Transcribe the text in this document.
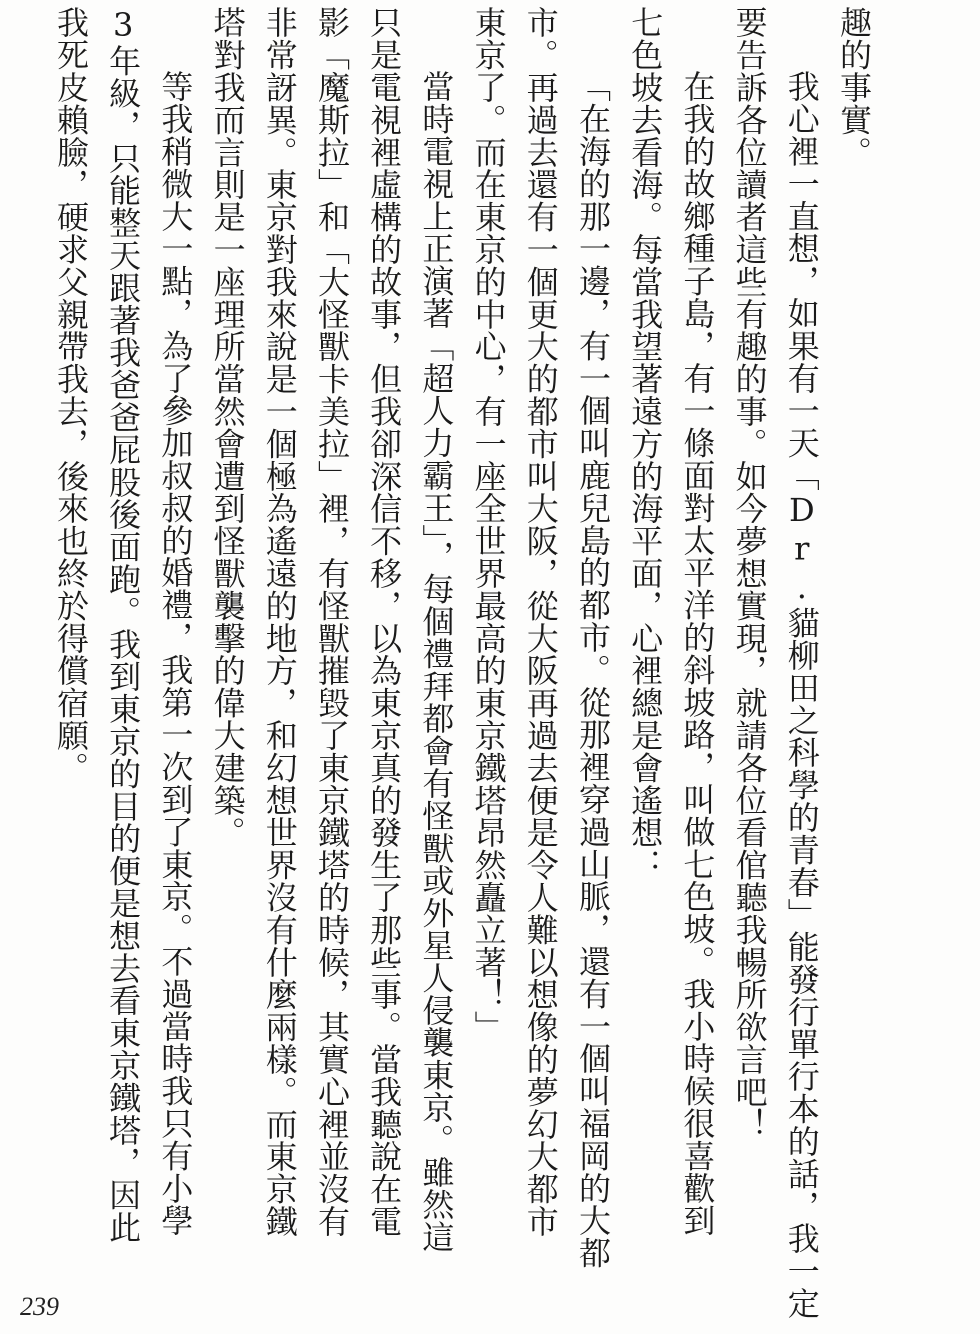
趣的事實。

我心裡一直想，如果有一天「Dr.貓柳田之科學的青春」能發行單行本的話，我一定

要告訴各位讀者這些有趣的事。如今夢想實現，就請各位看倌聽我暢所欲言吧！

在我的故鄉種子島，有一條面對太平洋的斜坡路，叫做七色坡。我小時候很喜歡到

七色坡去看海。每當我望著遠方的海平面，心裡總是會遙想：

「在海的那一邊，有一個叫鹿兒島的都市。從那裡穿過山脈，還有一個叫福岡的大都

市。再過去還有一個更大的都市叫大阪，從大阪再過去便是令人難以想像的夢幻大都市

東京了。而在東京的中心，有一座全世界最高的東京鐵塔昂然矗立著！」

當時電視上正演著「超人力霸王」，每個禮拜都會有怪獸或外星人侵襲東京。雖然這

只是電視裡虛構的故事，但我卻深信不移，以為東京真的發生了那些事。當我聽說在電

影「魔斯拉」和「大怪獸卡美拉」裡，有怪獸摧毀了東京鐵塔的時候，其實心裡並沒有

非常訝異。東京對我來說是一個極為遙遠的地方，和幻想世界沒有什麼兩樣。而東京鐵

塔對我而言則是一座理所當然會遭到怪獸襲擊的偉大建築。

等我稍微大一點，為了參加叔叔的婚禮，我第一次到了東京。不過當時我只有小學

3年級，只能整天跟著我爸爸屁股後面跑。我到東京的目的便是想去看東京鐵塔，因此

我死皮賴臉，硬求父親帶我去，後來也終於得償宿願。

239
